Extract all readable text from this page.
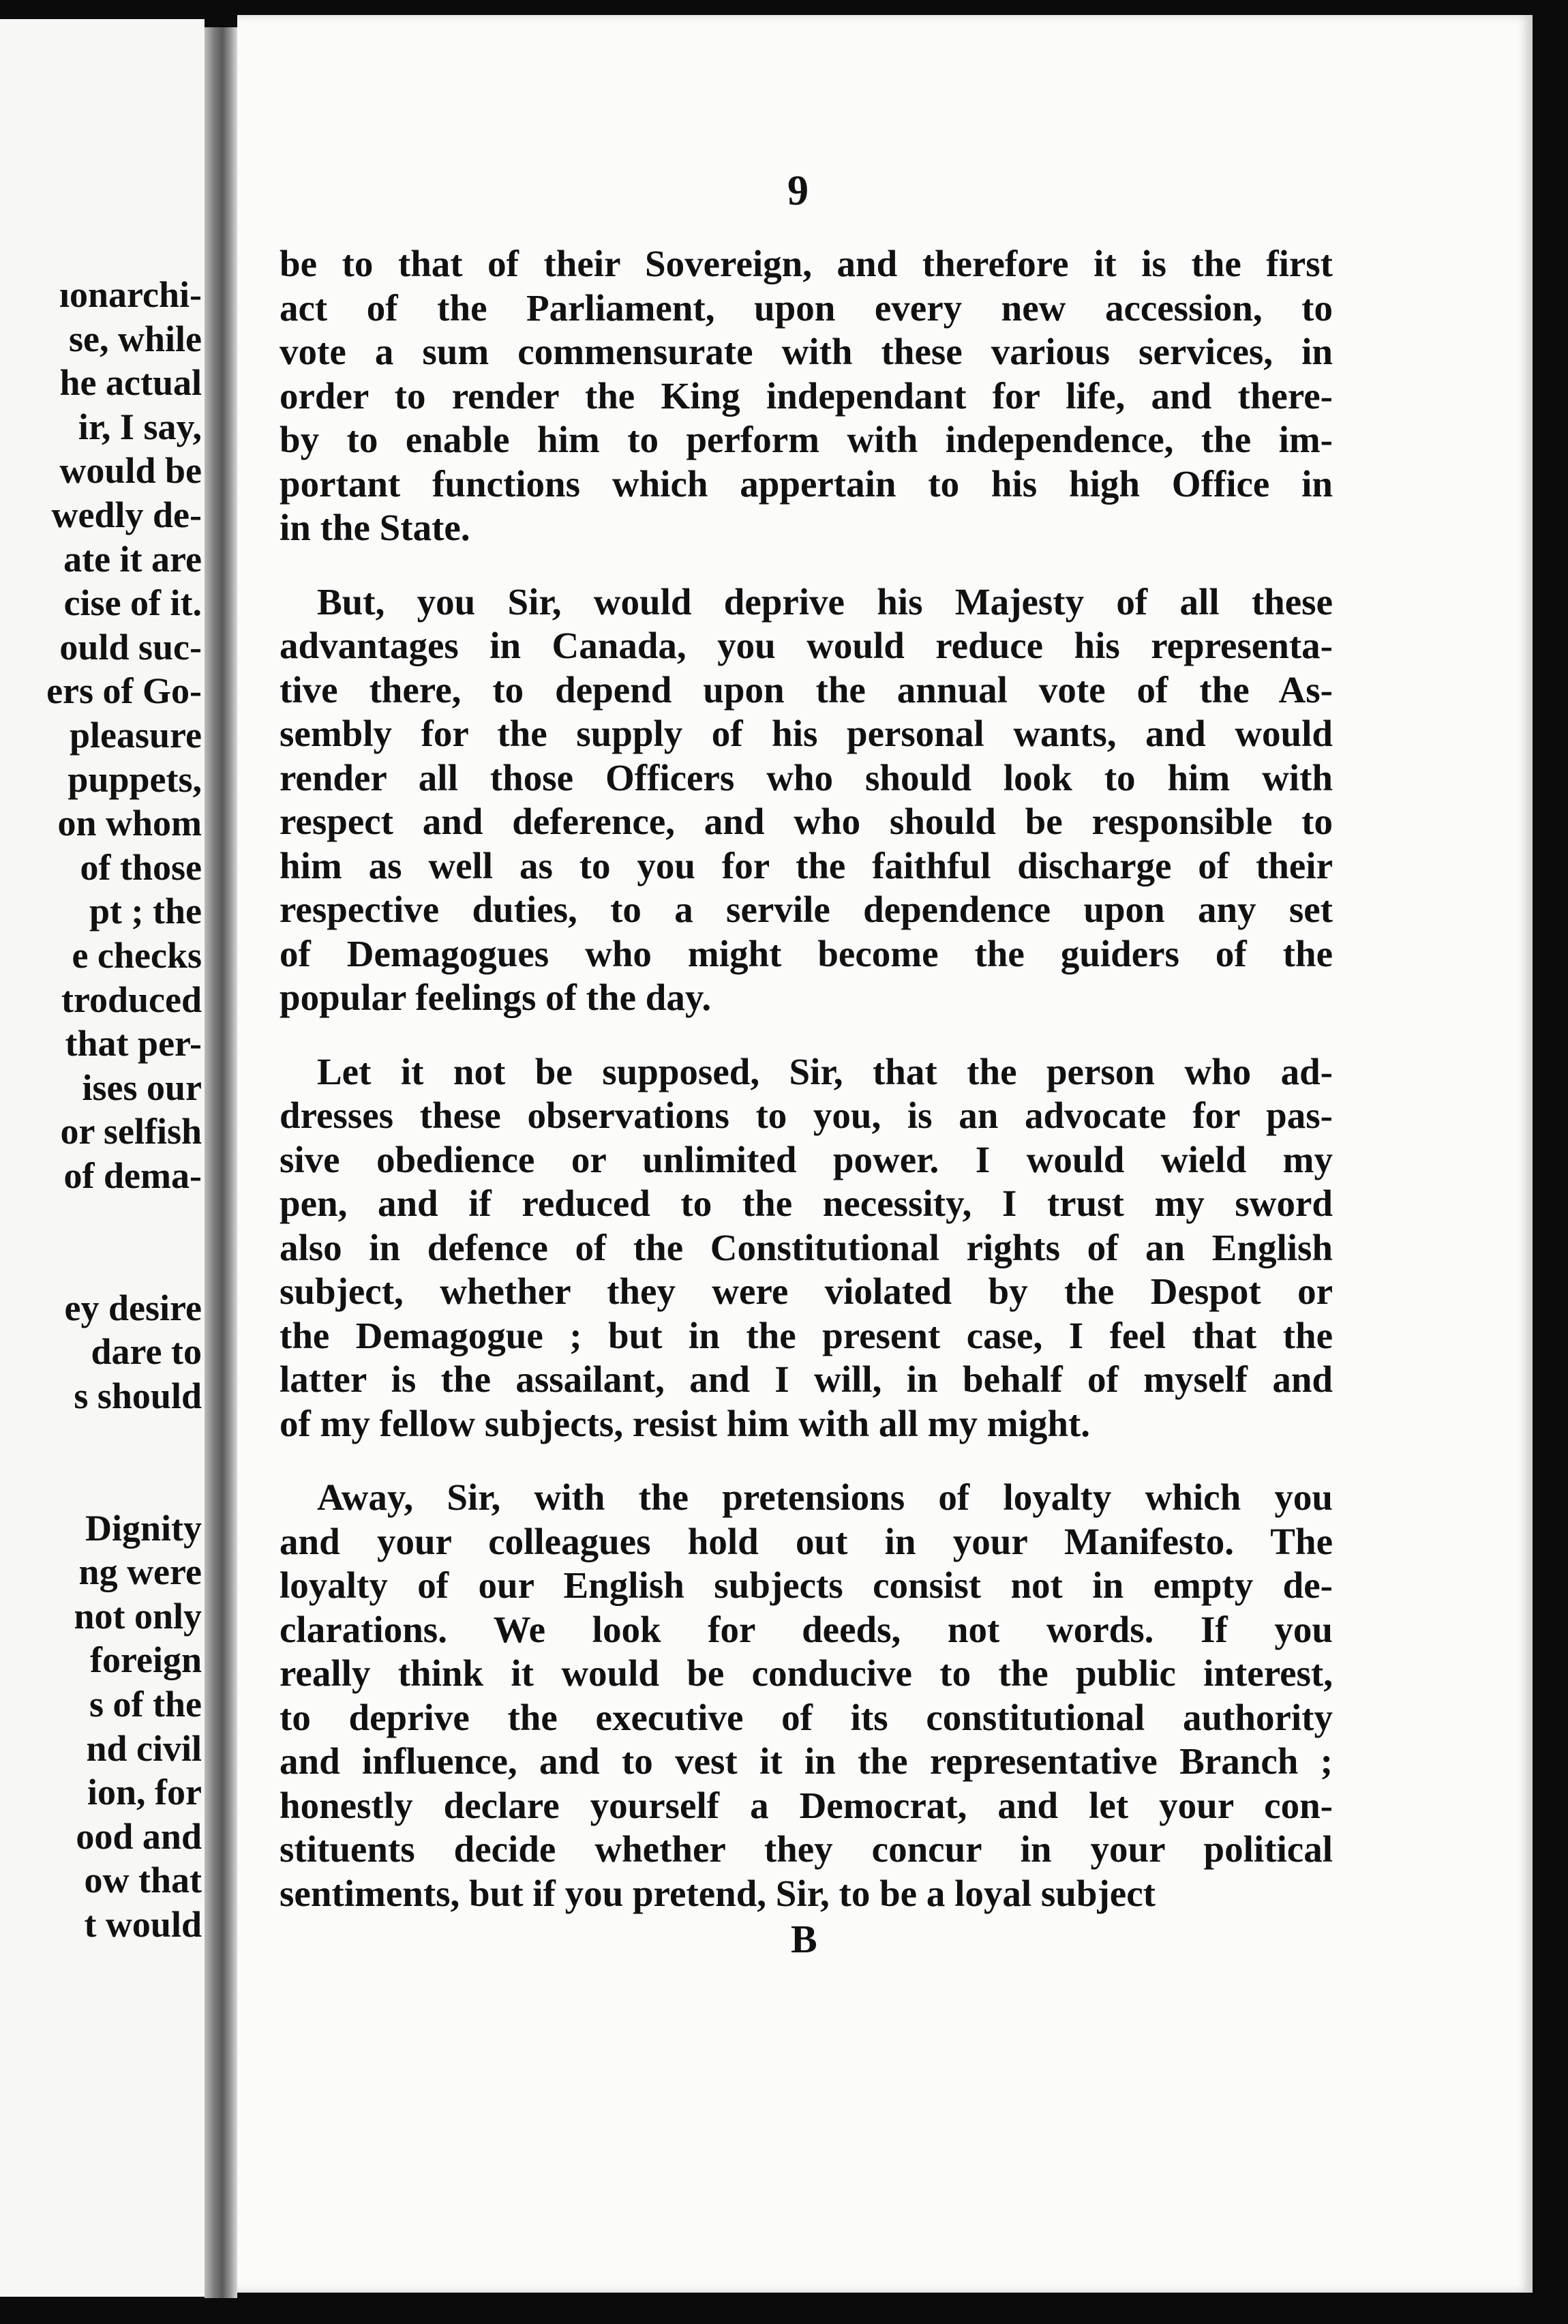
ıonarchi-
se, while
he actual
ir, I say,
would be
wedly de-
ate it are
cise of it.
ould suc-
ers of Go-
pleasure
puppets,
on whom
of those
pt ; the
e checks
troduced
that per-
ises our
or selfish
of dema-
ey desire
dare to
s should
Dignity
ng were
not only
foreign
s of the
nd civil
ion, for
ood and
ow that
t would
9
be to that of their Sovereign, and therefore it is the first
act of the Parliament, upon every new accession, to
vote a sum commensurate with these various services, in
order to render the King independant for life, and there-
by to enable him to perform with independence, the im-
portant functions which appertain to his high Office in
in the State.
But, you Sir, would deprive his Majesty of all these
advantages in Canada, you would reduce his representa-
tive there, to depend upon the annual vote of the As-
sembly for the supply of his personal wants, and would
render all those Officers who should look to him with
respect and deference, and who should be responsible to
him as well as to you for the faithful discharge of their
respective duties, to a servile dependence upon any set
of Demagogues who might become the guiders of the
popular feelings of the day.
Let it not be supposed, Sir, that the person who ad-
dresses these observations to you, is an advocate for pas-
sive obedience or unlimited power. I would wield my
pen, and if reduced to the necessity, I trust my sword
also in defence of the Constitutional rights of an English
subject, whether they were violated by the Despot or
the Demagogue ; but in the present case, I feel that the
latter is the assailant, and I will, in behalf of myself and
of my fellow subjects, resist him with all my might.
Away, Sir, with the pretensions of loyalty which you
and your colleagues hold out in your Manifesto. The
loyalty of our English subjects consist not in empty de-
clarations. We look for deeds, not words. If you
really think it would be conducive to the public interest,
to deprive the executive of its constitutional authority
and influence, and to vest it in the representative Branch ;
honestly declare yourself a Democrat, and let your con-
stituents decide whether they concur in your political
sentiments, but if you pretend, Sir, to be a loyal subject
B
